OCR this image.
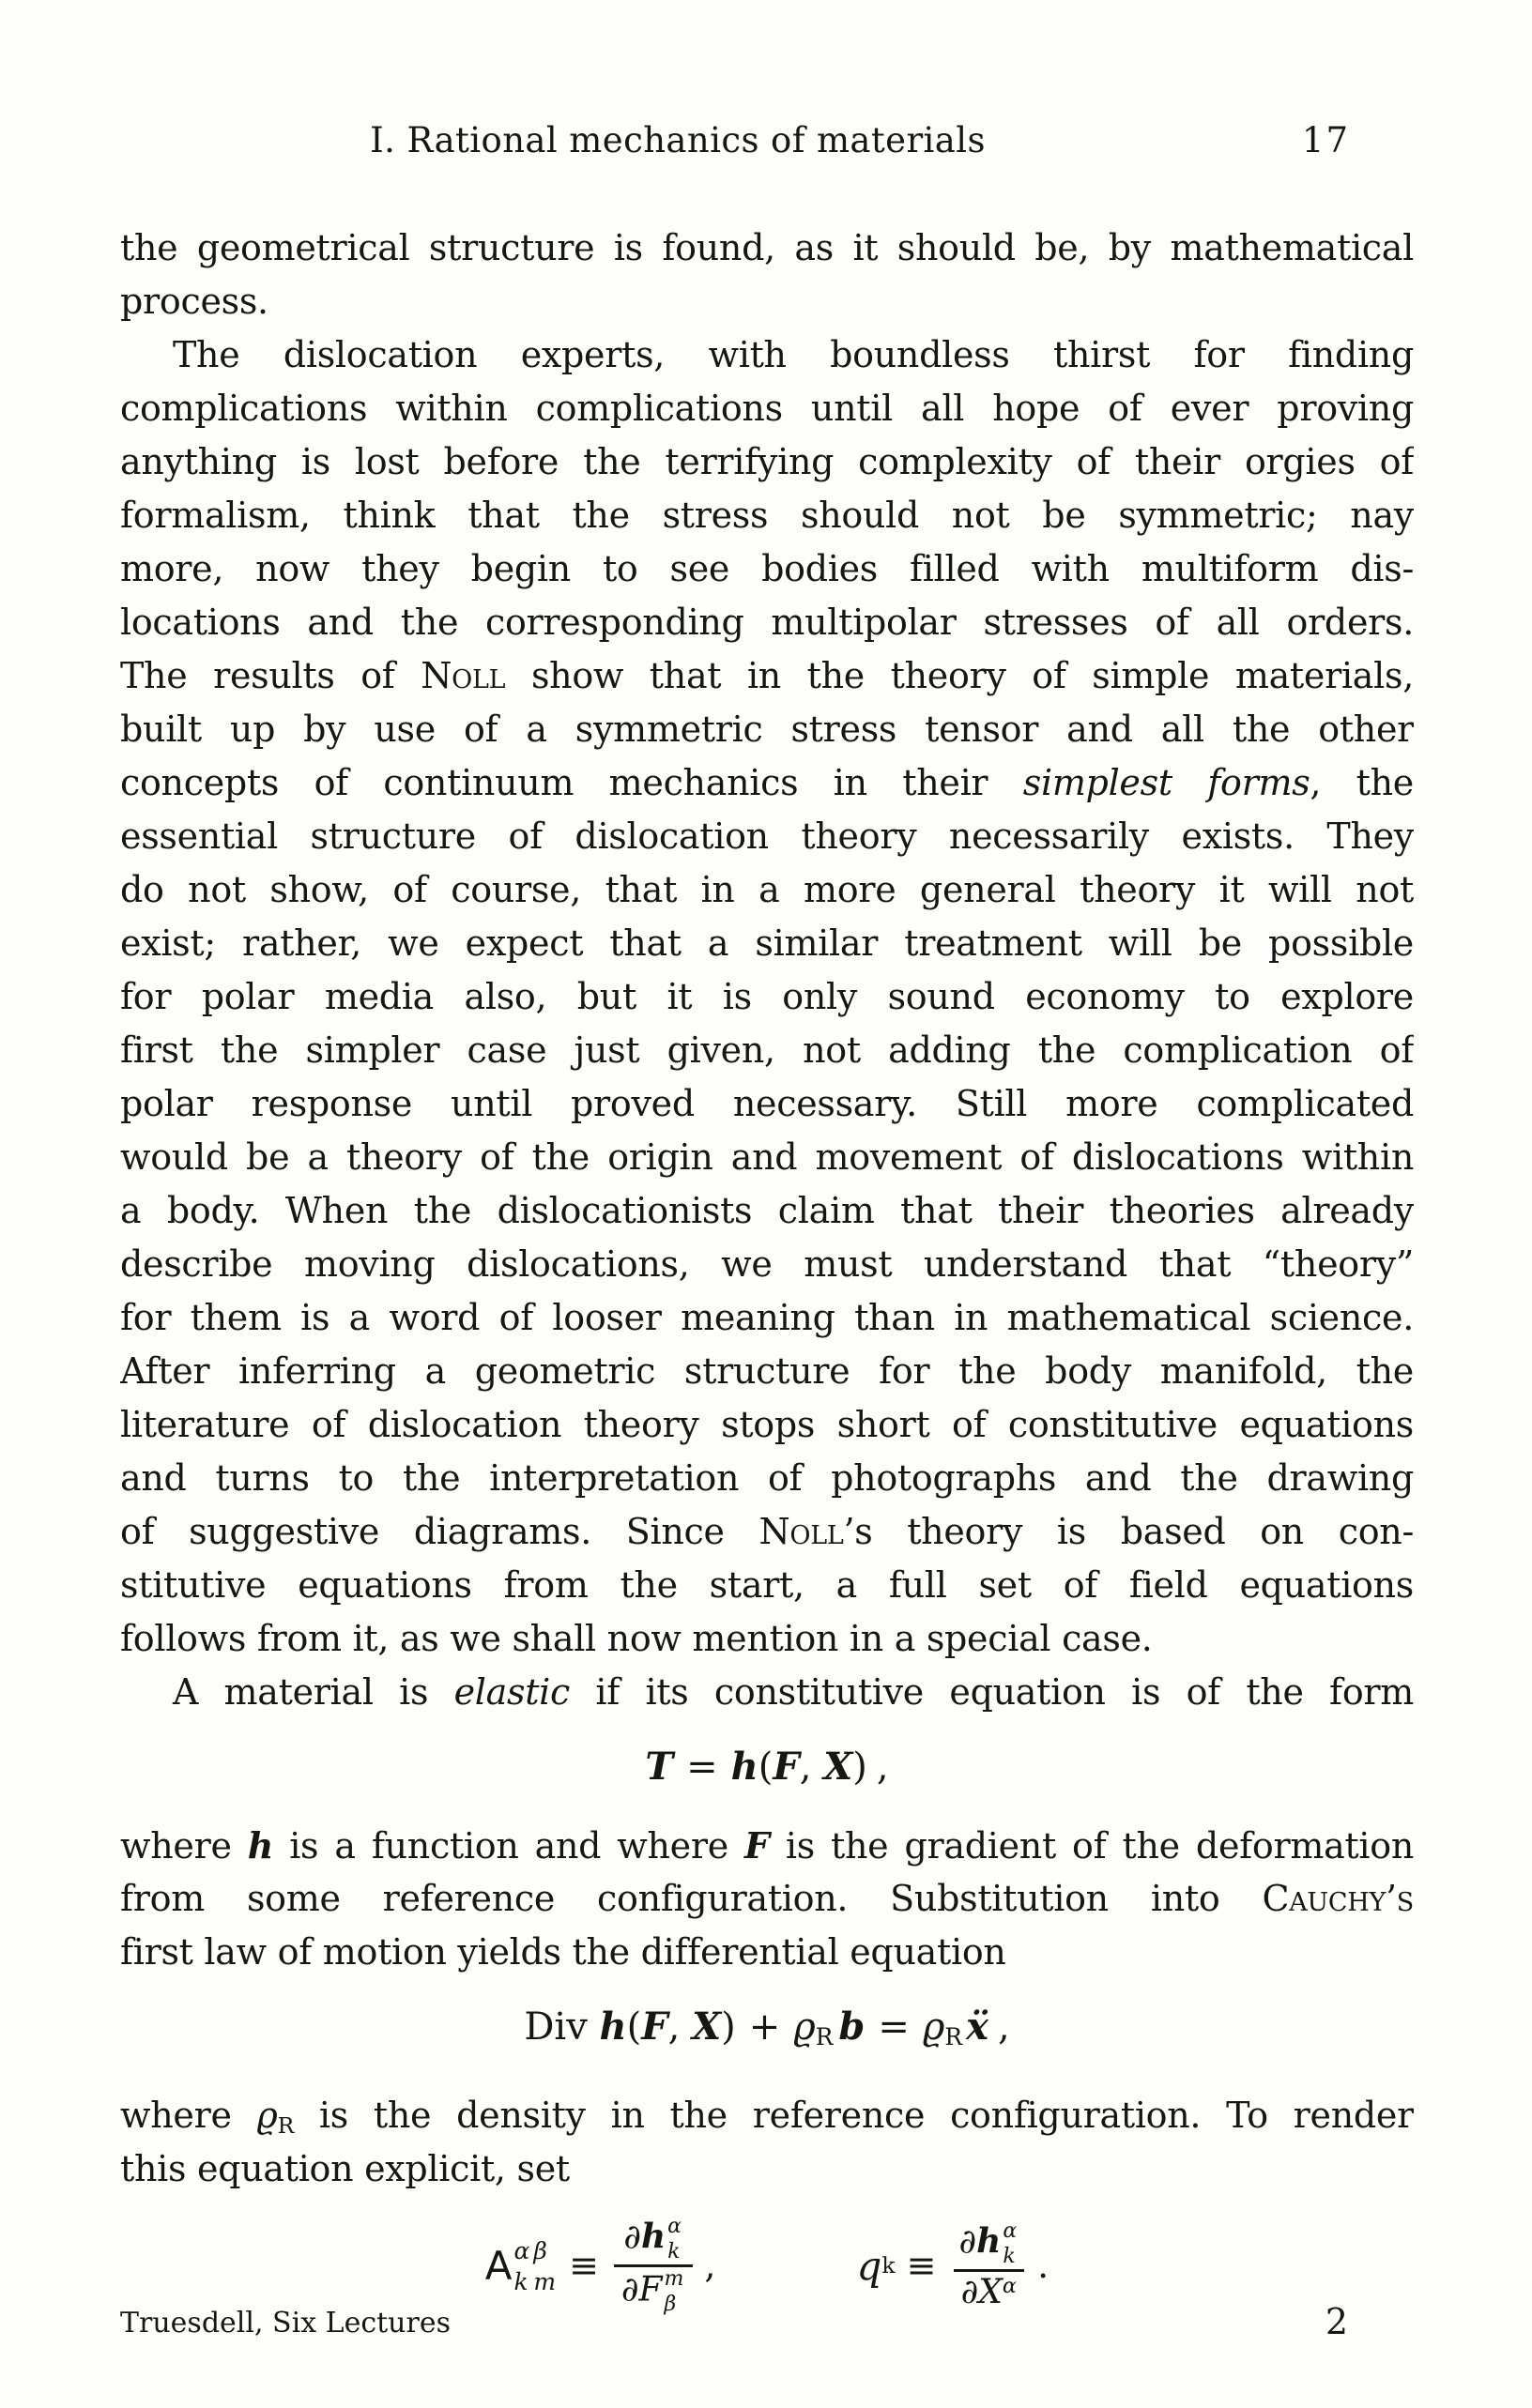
I. Rational mechanics of materials	17
the geometrical structure is found, as it should be, by mathematical
process.
The dislocation experts, with boundless thirst for finding
complications within complications until all hope of ever proving
anything is lost before the terrifying complexity of their orgies of
formalism, think that the stress should not be symmetric; nay
more, now they begin to see bodies filled with multiform dis-
locations and the corresponding multipolar stresses of all orders.
The results of Noll show that in the theory of simple materials,
built up by use of a symmetric stress tensor and all the other
concepts of continuum mechanics in their simplest forms, the
essential structure of dislocation theory necessarily exists. They
do not show, of course, that in a more general theory it will not
exist; rather, we expect that a similar treatment will be possible
for polar media also, but it is only sound economy to explore
first the simpler case just given, not adding the complication of
polar response until proved necessary. Still more complicated
would be a theory of the origin and movement of dislocations within
a body. When the dislocationists claim that their theories already
describe moving dislocations, we must understand that “theory”
for them is a word of looser meaning than in mathematical science.
After inferring a geometric structure for the body manifold, the
literature of dislocation theory stops short of constitutive equations
and turns to the interpretation of photographs and the drawing
of suggestive diagrams. Since Noll’s theory is based on con-
stitutive equations from the start, a full set of field equations
follows from it, as we shall now mention in a special case.
A material is elastic if its constitutive equation is of the form
T = h(F, X) ,
where h is a function and where F is the gradient of the deformation
from some reference configuration. Substitution into Cauchy’s
first law of motion yields the differential equation
Div h(F, X) + ϱR b = ϱR ẍ ,
where ϱR is the density in the reference configuration. To render
this equation explicit, set
A α
k
β
m ≡ ∂h α
k
∂F m
β ,	q k ≡ ∂h α
k
$\partial X^\alpha$ .
Truesdell, Six Lectures	2
